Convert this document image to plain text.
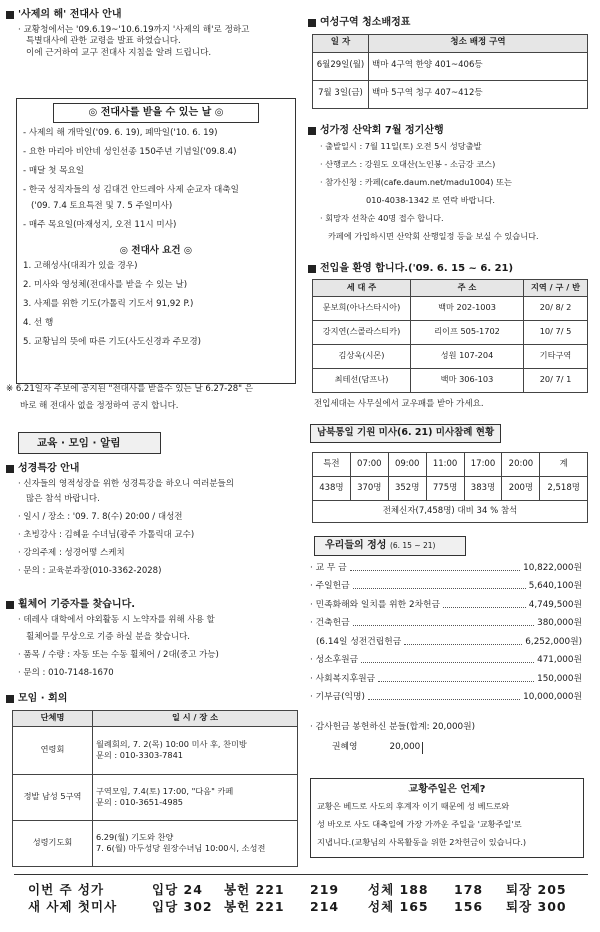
'사제의 해' 전대사 안내
· 교황청에서는 '09.6.19~'10.6.19까지 '사제의 해'로 정하고
특별대사에 관한 교령을 발표 하였습니다.
이에 근거하여 교구 전대사 지침을 알려 드립니다.
◎ 전대사를 받을 수 있는 날 ◎
- 사제의 해 개막일('09. 6. 19), 폐막일('10. 6. 19)
- 요한 마리아 비안네 성인선종 150주년 기념일('09.8.4)
- 매달 첫 목요일
- 한국 성직자들의 성 김대건 안드레아 사제 순교자 대축일
('09. 7.4 토요특전 및 7. 5 주일미사)
- 매주 목요일(마재성지, 오전 11시 미사)
◎ 전대사 요건 ◎
1. 고해성사(대죄가 있을 경우)
2. 미사와 영성체(전대사를 받을 수 있는 날)
3. 사제를 위한 기도(가톨릭 기도서 91,92 P.)
4. 선 행
5. 교황님의 뜻에 따른 기도(사도신경과 주모경)
※ 6.21일자 주보에 공지된 "전대사를 받을수 있는 날 6.27-28" 은
바로 해 전대사 없을 정정하여 공지 합니다.
교육 · 모임 · 알림
성경특강 안내
· 신자들의 영적성장을 위한 성경특강을 하오니 여러분들의
많은 참석 바랍니다.
· 일시 / 장소 : '09. 7. 8(수) 20:00 / 대성전
· 초빙강사 : 김혜윤 수녀님(광주 가톨릭대 교수)
· 강의주제 : 성경어떻 스케치
· 문의 : 교육분과장(010-3362-2028)
휠체어 기증자를 찾습니다.
· 데레사 대학에서 야외활동 시 노약자를 위해 사용 할
휠체어를 무상으로 기증 하실 분을 찾습니다.
· 품목 / 수량 : 자동 또는 수동 휠체어 / 2대(중고 가능)
· 문의 : 010-7148-1670
모임 · 회의
단체명	일 시 / 장 소
연령회	월례회의, 7. 2(목) 10:00 미사 후, 찬미방
문의 : 010-3303-7841

정발 남성 5구역	구역모임, 7.4(토) 17:00, "다음" 카페
문의 : 010-3651-4985

성령기도회	6.29(월) 기도와 찬양
7. 6(월) 마두성당 원장수녀님 10:00시, 소성전
여성구역 청소배정표
일 자	청소 배정 구역
6월29일(월)	백마 4구역 한양 401~406등
7월 3일(금)	백마 5구역 청구 407~412등
성가정 산악회 7월 정기산행
· 출발일시 : 7월 11일(토) 오전 5시 성당출발
· 산행코스 : 강원도 오대산(노인봉 - 소금강 코스)
· 참가신청 : 카페(cafe.daum.net/madu1004) 또는
010-4038-1342 로 연락 바랍니다.
· 회망자 선착순 40명 접수 합니다.
카페에 가입하시면 산악회 산행일정 등을 보실 수 있습니다.
전입을 환영 합니다.('09. 6. 15 ~ 6. 21)
세 대 주	주 소	지역 / 구 / 반
문보희(아나스타시아)	백마 202-1003	20/ 8/ 2
강지연(스콜라스티카)	리이프 505-1702	10/ 7/ 5
김상욱(시몬)	성원 107-204	기타구역
최테선(담프나)	백마 306-103	20/ 7/ 1
전입세대는 사무실에서 교우패를 받아 가세요.
남북통일 기원 미사(6. 21) 미사참례 현황
특전	07:00	09:00	11:00	17:00	20:00	계
438명	370명	352명	775명	383명	200명	2,518명
전체신자(7,458명) 대비 34 % 참석						
우리들의 정성 (6. 15 ~ 21)
· 교 무 금	10,822,000원
· 주일헌금	5,640,100원
· 민족화해와 일치를 위한 2차헌금	4,749,500원
· 건축헌금	380,000원
(6.14일 성전건립헌금	6,252,000원)
· 성소후원금	471,000원
· 사회복지후원금	150,000원
· 기부금(익명)	10,000,000원
· 감사헌금 봉헌하신 분들(합계: 20,000원)
권혜영	20,000
교황주일은 언제?
교황은 베드로 사도의 후계자 이기 때문에 성 베드로와
성 바오로 사도 대축일에 가장 가까운 주일을 '교황주일'로
지냅니다.(교황님의 사목활동을 위한 2차헌금이 있습니다.)
이번 주 성가	입당 24	봉헌 221	219	성체 188	178	퇴장 205
새 사제 첫미사	입당 302 봉헌 221	214	성체 165	156	퇴장 300
